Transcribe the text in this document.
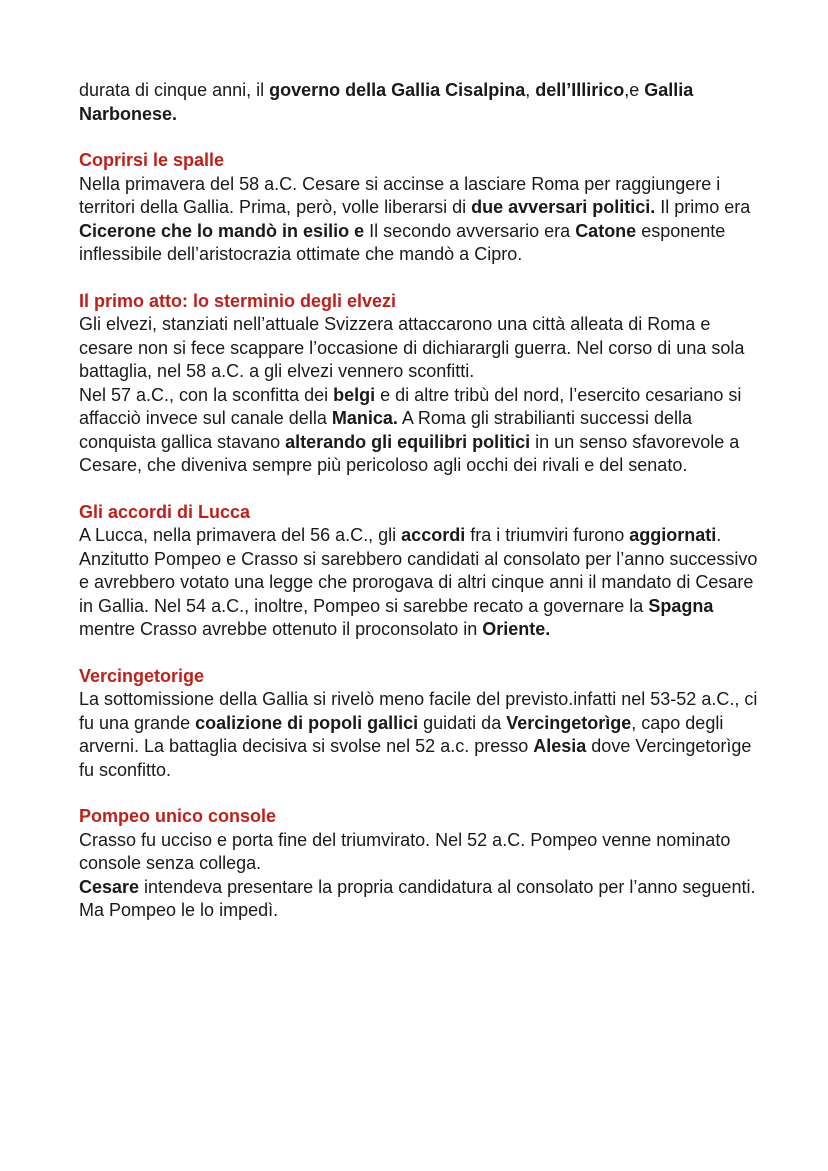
durata di cinque anni, il governo della Gallia Cisalpina, dell’Illirico,e Gallia Narbonese.

Coprirsi le spalle

Nella primavera del 58 a.C. Cesare si accinse a lasciare Roma per raggiungere i territori della Gallia. Prima, però, volle liberarsi di due avversari politici. Il primo era Cicerone che lo mandò in esilio e Il secondo avversario era Catone esponente inflessibile dell’aristocrazia ottimate che mandò a Cipro.

Il primo atto: lo sterminio degli elvezi

Gli elvezi, stanziati nell’attuale Svizzera attaccarono una città alleata di Roma e cesare non si fece scappare l’occasione di dichiarargli guerra. Nel corso di una sola battaglia, nel 58 a.C. a gli elvezi vennero sconfitti.

Nel 57 a.C., con la sconfitta dei belgi e di altre tribù del nord, l’esercito cesariano si affacciò invece sul canale della Manica. A Roma gli strabilianti successi della conquista gallica stavano alterando gli equilibri politici in un senso sfavorevole a Cesare, che diveniva sempre più pericoloso agli occhi dei rivali e del senato.

Gli accordi di Lucca

A Lucca, nella primavera del 56 a.C., gli accordi fra i triumviri furono aggiornati. Anzitutto Pompeo e Crasso si sarebbero candidati al consolato per l’anno successivo e avrebbero votato una legge che prorogava di altri cinque anni il mandato di Cesare in Gallia. Nel 54 a.C., inoltre, Pompeo si sarebbe recato a governare la Spagna mentre Crasso avrebbe ottenuto il proconsolato in Oriente.

Vercingetorige

La sottomissione della Gallia si rivelò meno facile del previsto.infatti nel 53-52 a.C., ci fu una grande coalizione di popoli gallici guidati da Vercingetorìge, capo degli arverni. La battaglia decisiva si svolse nel 52 a.c. presso Alesia dove Vercingetorìge fu sconfitto.

Pompeo unico console

Crasso fu ucciso e porta fine del triumvirato. Nel 52 a.C. Pompeo venne nominato console senza collega.

Cesare intendeva presentare la propria candidatura al consolato per l’anno seguenti. Ma Pompeo le lo impedì.
